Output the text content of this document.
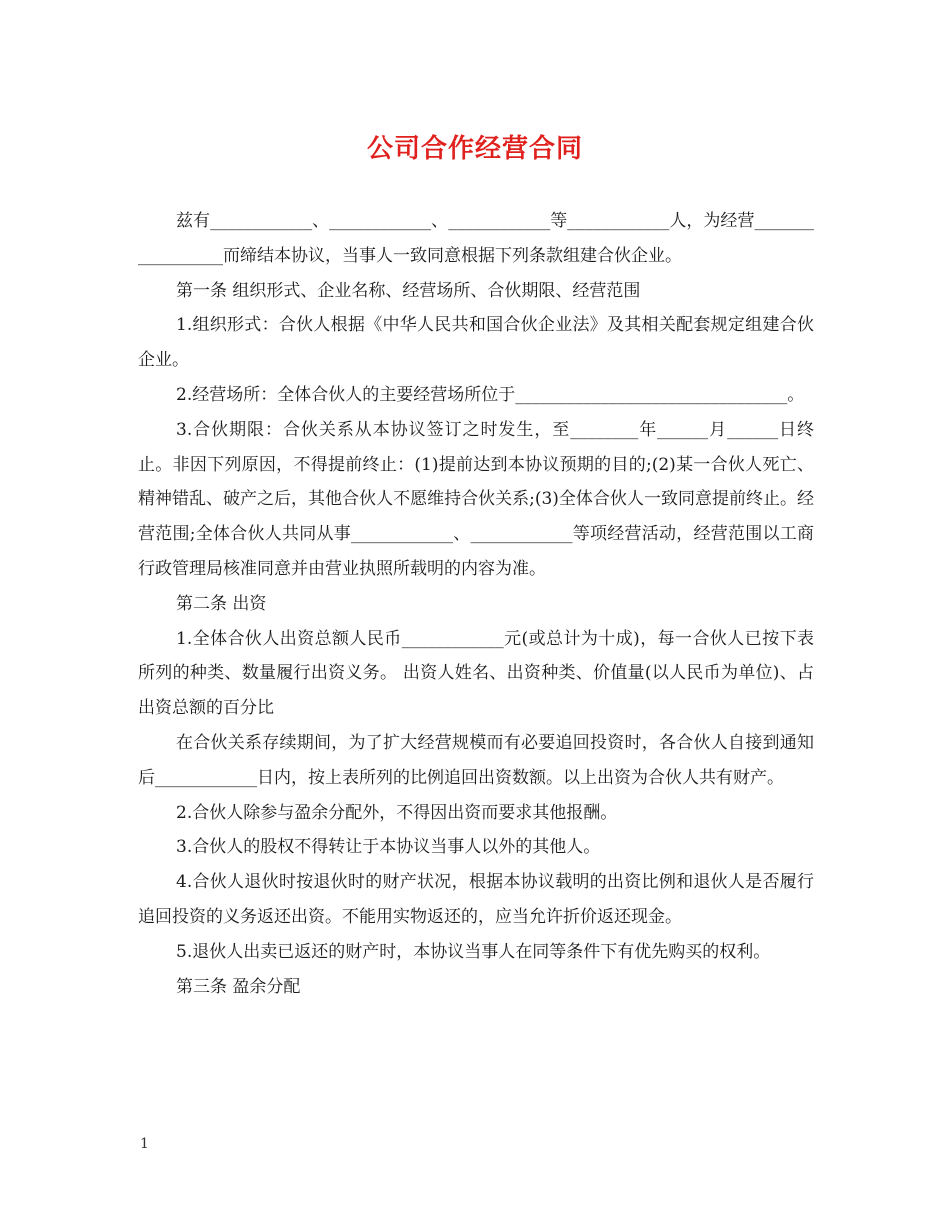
公司合作经营合同

兹有____________、____________、____________等____________人，为经营_________________而缔结本协议，当事人一致同意根据下列条款组建合伙企业。

第一条 组织形式、企业名称、经营场所、合伙期限、经营范围

1.组织形式：合伙人根据《中华人民共和国合伙企业法》及其相关配套规定组建合伙企业。

2.经营场所：全体合伙人的主要经营场所位于________________________________。

3.合伙期限：合伙关系从本协议签订之时发生，至________年______月______日终止。非因下列原因，不得提前终止：(1)提前达到本协议预期的目的;(2)某一合伙人死亡、精神错乱、破产之后，其他合伙人不愿维持合伙关系;(3)全体合伙人一致同意提前终止。经营范围;全体合伙人共同从事____________、____________等项经营活动，经营范围以工商行政管理局核准同意并由营业执照所载明的内容为准。

第二条 出资

1.全体合伙人出资总额人民币____________元(或总计为十成)，每一合伙人已按下表所列的种类、数量履行出资义务。 出资人姓名、出资种类、价值量(以人民币为单位)、占出资总额的百分比

在合伙关系存续期间，为了扩大经营规模而有必要追回投资时，各合伙人自接到通知后____________日内，按上表所列的比例追回出资数额。以上出资为合伙人共有财产。

2.合伙人除参与盈余分配外，不得因出资而要求其他报酬。

3.合伙人的股权不得转让于本协议当事人以外的其他人。

4.合伙人退伙时按退伙时的财产状况，根据本协议载明的出资比例和退伙人是否履行追回投资的义务返还出资。不能用实物返还的，应当允许折价返还现金。

5.退伙人出卖已返还的财产时，本协议当事人在同等条件下有优先购买的权利。

第三条 盈余分配

1
